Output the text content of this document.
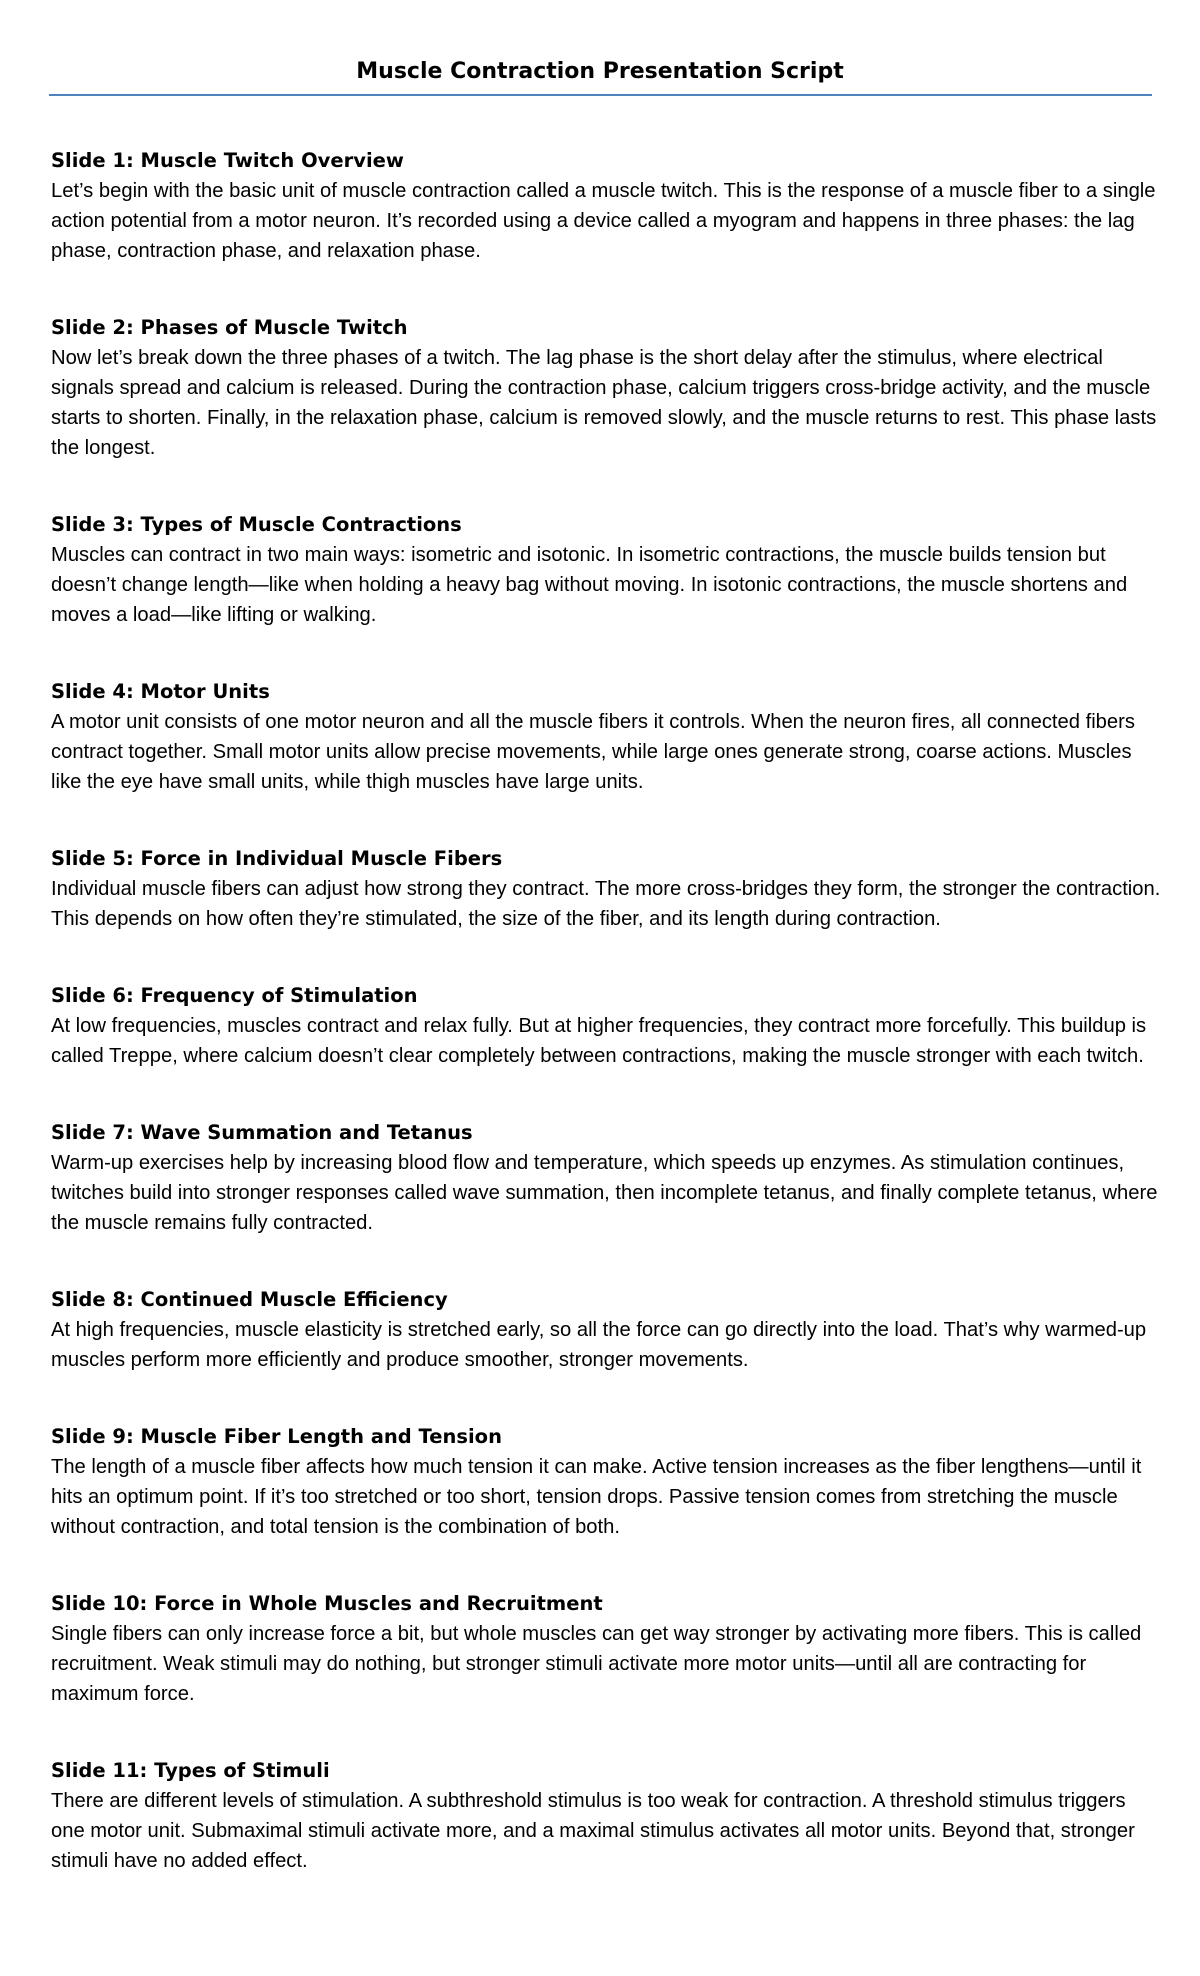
Muscle Contraction Presentation Script

Slide 1: Muscle Twitch Overview

Let’s begin with the basic unit of muscle contraction called a muscle twitch. This is the response of a muscle fiber to a single action potential from a motor neuron. It’s recorded using a device called a myogram and happens in three phases: the lag phase, contraction phase, and relaxation phase.

Slide 2: Phases of Muscle Twitch

Now let’s break down the three phases of a twitch. The lag phase is the short delay after the stimulus, where electrical signals spread and calcium is released. During the contraction phase, calcium triggers cross-bridge activity, and the muscle starts to shorten. Finally, in the relaxation phase, calcium is removed slowly, and the muscle returns to rest. This phase lasts the longest.

Slide 3: Types of Muscle Contractions

Muscles can contract in two main ways: isometric and isotonic. In isometric contractions, the muscle builds tension but doesn’t change length—like when holding a heavy bag without moving. In isotonic contractions, the muscle shortens and moves a load—like lifting or walking.

Slide 4: Motor Units

A motor unit consists of one motor neuron and all the muscle fibers it controls. When the neuron fires, all connected fibers contract together. Small motor units allow precise movements, while large ones generate strong, coarse actions. Muscles like the eye have small units, while thigh muscles have large units.

Slide 5: Force in Individual Muscle Fibers

Individual muscle fibers can adjust how strong they contract. The more cross-bridges they form, the stronger the contraction. This depends on how often they’re stimulated, the size of the fiber, and its length during contraction.

Slide 6: Frequency of Stimulation

At low frequencies, muscles contract and relax fully. But at higher frequencies, they contract more forcefully. This buildup is called Treppe, where calcium doesn’t clear completely between contractions, making the muscle stronger with each twitch.

Slide 7: Wave Summation and Tetanus

Warm-up exercises help by increasing blood flow and temperature, which speeds up enzymes. As stimulation continues, twitches build into stronger responses called wave summation, then incomplete tetanus, and finally complete tetanus, where the muscle remains fully contracted.

Slide 8: Continued Muscle Efficiency

At high frequencies, muscle elasticity is stretched early, so all the force can go directly into the load. That’s why warmed-up muscles perform more efficiently and produce smoother, stronger movements.

Slide 9: Muscle Fiber Length and Tension

The length of a muscle fiber affects how much tension it can make. Active tension increases as the fiber lengthens—until it hits an optimum point. If it’s too stretched or too short, tension drops. Passive tension comes from stretching the muscle without contraction, and total tension is the combination of both.

Slide 10: Force in Whole Muscles and Recruitment

Single fibers can only increase force a bit, but whole muscles can get way stronger by activating more fibers. This is called recruitment. Weak stimuli may do nothing, but stronger stimuli activate more motor units—until all are contracting for maximum force.

Slide 11: Types of Stimuli

There are different levels of stimulation. A subthreshold stimulus is too weak for contraction. A threshold stimulus triggers one motor unit. Submaximal stimuli activate more, and a maximal stimulus activates all motor units. Beyond that, stronger stimuli have no added effect.
